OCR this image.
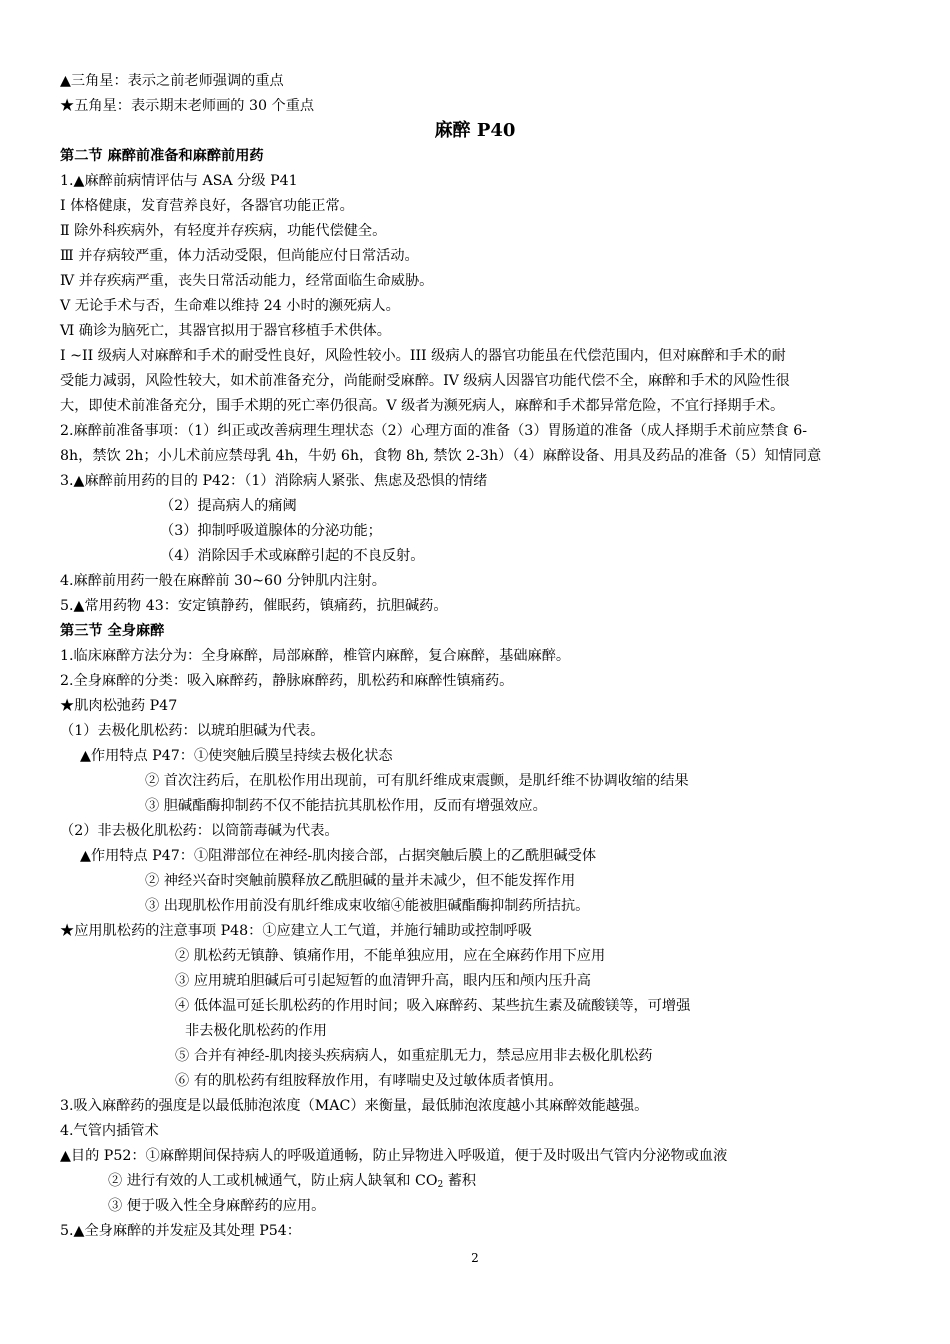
▲三角星：表示之前老师强调的重点
★五角星：表示期末老师画的 30 个重点
麻醉 P40
第二节 麻醉前准备和麻醉前用药
1.▲麻醉前病情评估与 ASA 分级 P41
Ⅰ 体格健康，发育营养良好，各器官功能正常。
Ⅱ 除外科疾病外，有轻度并存疾病，功能代偿健全。
Ⅲ 并存病较严重，体力活动受限，但尚能应付日常活动。
Ⅳ 并存疾病严重，丧失日常活动能力，经常面临生命威胁。
Ⅴ 无论手术与否，生命难以维持 24 小时的濒死病人。
Ⅵ 确诊为脑死亡，其器官拟用于器官移植手术供体。
I ~II 级病人对麻醉和手术的耐受性良好，风险性较小。III 级病人的器官功能虽在代偿范围内，但对麻醉和手术的耐
受能力减弱，风险性较大，如术前准备充分，尚能耐受麻醉。IV 级病人因器官功能代偿不全，麻醉和手术的风险性很
大，即使术前准备充分，围手术期的死亡率仍很高。V 级者为濒死病人，麻醉和手术都异常危险，不宜行择期手术。
2.麻醉前准备事项：（1）纠正或改善病理生理状态（2）心理方面的准备（3）胃肠道的准备（成人择期手术前应禁食 6-
8h，禁饮 2h；小儿术前应禁母乳 4h，牛奶 6h，食物 8h, 禁饮 2-3h）（4）麻醉设备、用具及药品的准备（5）知情同意
3.▲麻醉前用药的目的 P42：（1）消除病人紧张、焦虑及恐惧的情绪
（2）提高病人的痛阈
（3）抑制呼吸道腺体的分泌功能；
（4）消除因手术或麻醉引起的不良反射。
4.麻醉前用药一般在麻醉前 30~60 分钟肌内注射。
5.▲常用药物 43：安定镇静药，催眠药，镇痛药，抗胆碱药。
第三节 全身麻醉
1.临床麻醉方法分为：全身麻醉，局部麻醉，椎管内麻醉，复合麻醉，基础麻醉。
2.全身麻醉的分类：吸入麻醉药，静脉麻醉药，肌松药和麻醉性镇痛药。
★肌肉松弛药 P47
（1）去极化肌松药：以琥珀胆碱为代表。
▲作用特点 P47：①使突触后膜呈持续去极化状态
② 首次注药后，在肌松作用出现前，可有肌纤维成束震颤，是肌纤维不协调收缩的结果
③ 胆碱酯酶抑制药不仅不能拮抗其肌松作用，反而有增强效应。
（2）非去极化肌松药：以筒箭毒碱为代表。
▲作用特点 P47：①阻滞部位在神经-肌肉接合部，占据突触后膜上的乙酰胆碱受体
② 神经兴奋时突触前膜释放乙酰胆碱的量并未减少，但不能发挥作用
③ 出现肌松作用前没有肌纤维成束收缩④能被胆碱酯酶抑制药所拮抗。
★应用肌松药的注意事项 P48：①应建立人工气道，并施行辅助或控制呼吸
② 肌松药无镇静、镇痛作用，不能单独应用，应在全麻药作用下应用
③ 应用琥珀胆碱后可引起短暂的血清钾升高，眼内压和颅内压升高
④ 低体温可延长肌松药的作用时间；吸入麻醉药、某些抗生素及硫酸镁等，可增强
非去极化肌松药的作用
⑤ 合并有神经-肌肉接头疾病病人，如重症肌无力，禁忌应用非去极化肌松药
⑥ 有的肌松药有组胺释放作用，有哮喘史及过敏体质者慎用。
3.吸入麻醉药的强度是以最低肺泡浓度（MAC）来衡量，最低肺泡浓度越小其麻醉效能越强。
4.气管内插管术
▲目的 P52：①麻醉期间保持病人的呼吸道通畅，防止异物进入呼吸道，便于及时吸出气管内分泌物或血液
② 进行有效的人工或机械通气，防止病人缺氧和 $CO_2$ 蓄积
③ 便于吸入性全身麻醉药的应用。
5.▲全身麻醉的并发症及其处理 P54：
2
